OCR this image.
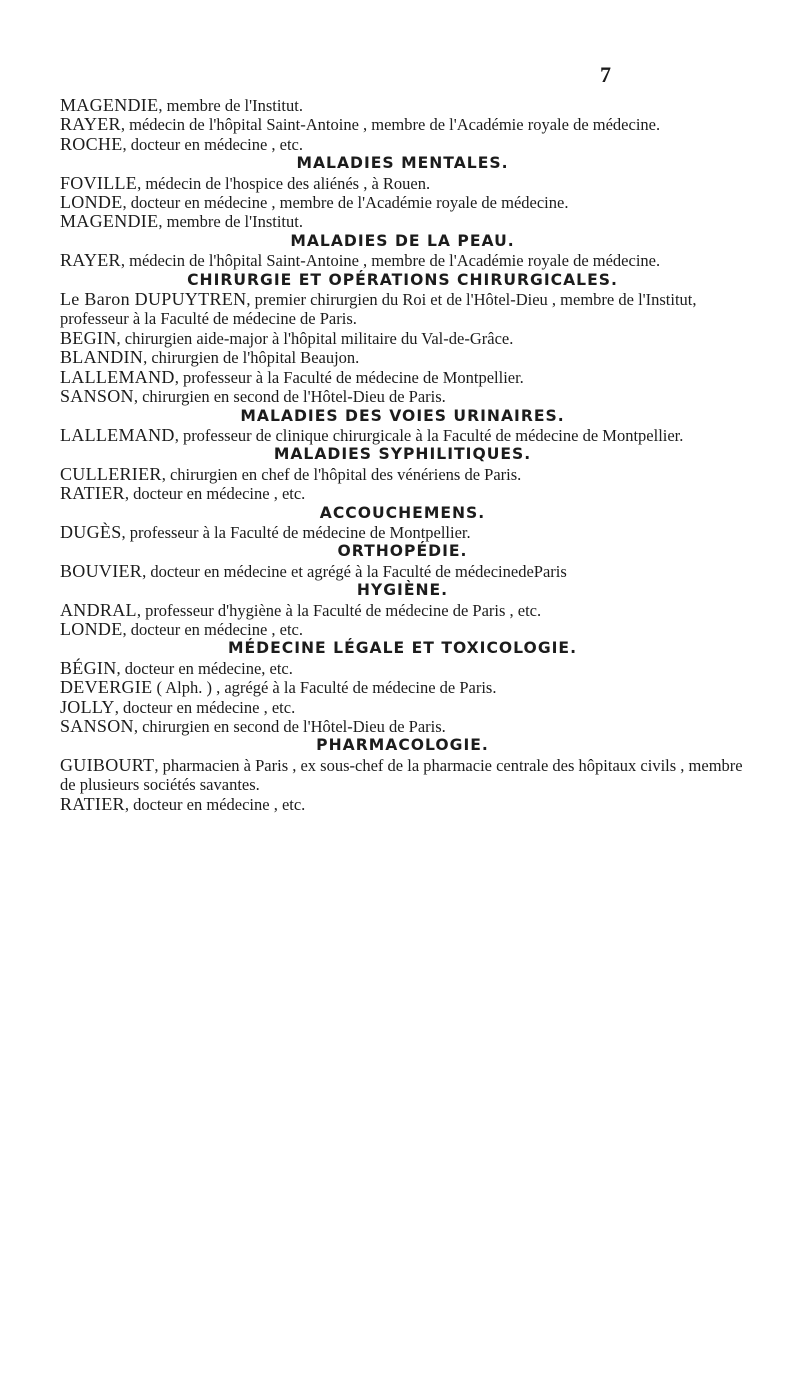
7

MAGENDIE, membre de l'Institut.

RAYER, médecin de l'hôpital Saint-Antoine , membre de l'Académie royale de médecine.

ROCHE, docteur en médecine , etc.

MALADIES MENTALES.

FOVILLE, médecin de l'hospice des aliénés , à Rouen.

LONDE, docteur en médecine , membre de l'Académie royale de médecine.

MAGENDIE, membre de l'Institut.

MALADIES DE LA PEAU.

RAYER, médecin de l'hôpital Saint-Antoine , membre de l'Académie royale de médecine.

CHIRURGIE ET OPÉRATIONS CHIRURGICALES.

Le Baron DUPUYTREN, premier chirurgien du Roi et de l'Hôtel-Dieu , membre de l'Institut, professeur à la Faculté de médecine de Paris.

BEGIN, chirurgien aide-major à l'hôpital militaire du Val-de-Grâce.

BLANDIN, chirurgien de l'hôpital Beaujon.

LALLEMAND, professeur à la Faculté de médecine de Montpellier.

SANSON, chirurgien en second de l'Hôtel-Dieu de Paris.

MALADIES DES VOIES URINAIRES.

LALLEMAND, professeur de clinique chirurgicale à la Faculté de médecine de Montpellier.

MALADIES SYPHILITIQUES.

CULLERIER, chirurgien en chef de l'hôpital des vénériens de Paris.

RATIER, docteur en médecine , etc.

ACCOUCHEMENS.

DUGÈS, professeur à la Faculté de médecine de Montpellier.

ORTHOPÉDIE.

BOUVIER, docteur en médecine et agrégé à la Faculté de médecinedeParis

HYGIÈNE.

ANDRAL, professeur d'hygiène à la Faculté de médecine de Paris , etc.

LONDE, docteur en médecine , etc.

MÉDECINE LÉGALE ET TOXICOLOGIE.

BÉGIN, docteur en médecine, etc.

DEVERGIE ( Alph. ) , agrégé à la Faculté de médecine de Paris.

JOLLY, docteur en médecine , etc.

SANSON, chirurgien en second de l'Hôtel-Dieu de Paris.

PHARMACOLOGIE.

GUIBOURT, pharmacien à Paris , ex sous-chef de la pharmacie centrale des hôpitaux civils , membre de plusieurs sociétés savantes.

RATIER, docteur en médecine , etc.
